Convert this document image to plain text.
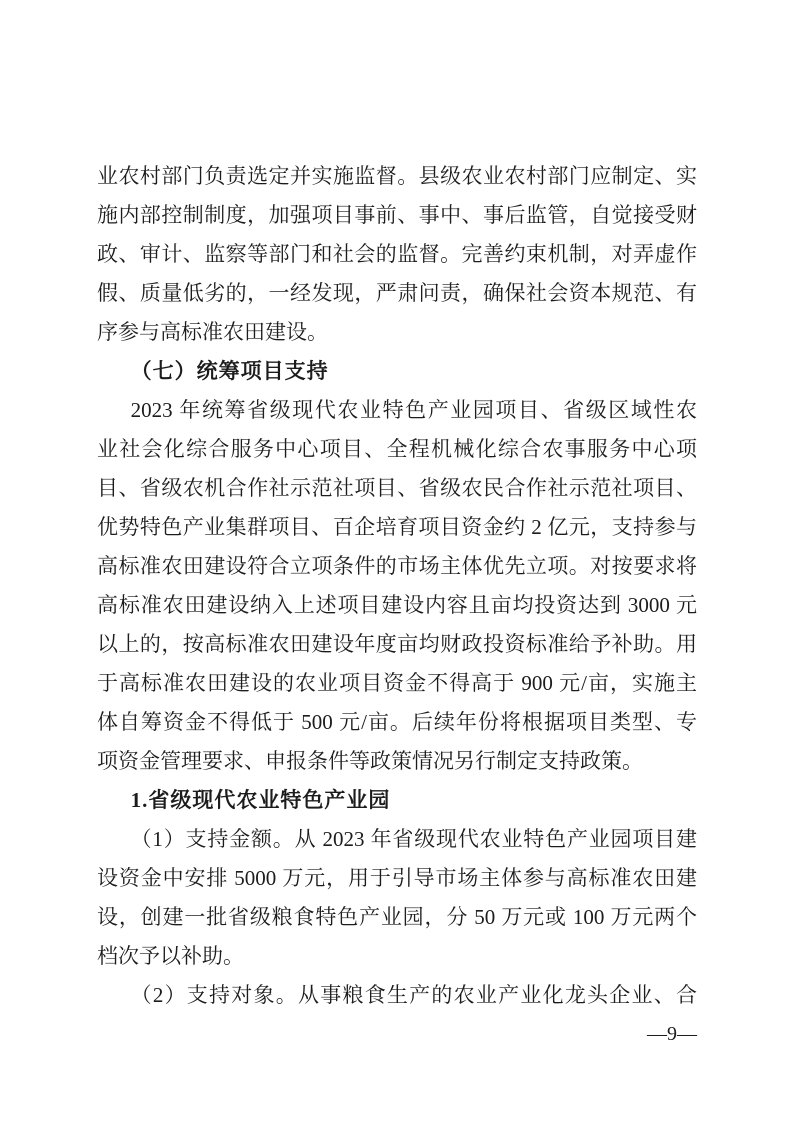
业农村部门负责选定并实施监督。县级农业农村部门应制定、实
施内部控制制度，加强项目事前、事中、事后监管，自觉接受财
政、审计、监察等部门和社会的监督。完善约束机制，对弄虚作
假、质量低劣的，一经发现，严肃问责，确保社会资本规范、有
序参与高标准农田建设。
（七）统筹项目支持
2023 年统筹省级现代农业特色产业园项目、省级区域性农
业社会化综合服务中心项目、全程机械化综合农事服务中心项
目、省级农机合作社示范社项目、省级农民合作社示范社项目、
优势特色产业集群项目、百企培育项目资金约 2 亿元，支持参与
高标准农田建设符合立项条件的市场主体优先立项。对按要求将
高标准农田建设纳入上述项目建设内容且亩均投资达到 3000 元
以上的，按高标准农田建设年度亩均财政投资标准给予补助。用
于高标准农田建设的农业项目资金不得高于 900 元/亩，实施主
体自筹资金不得低于 500 元/亩。后续年份将根据项目类型、专
项资金管理要求、申报条件等政策情况另行制定支持政策。
1.省级现代农业特色产业园
（1）支持金额。从 2023 年省级现代农业特色产业园项目建
设资金中安排 5000 万元，用于引导市场主体参与高标准农田建
设，创建一批省级粮食特色产业园，分 50 万元或 100 万元两个
档次予以补助。
（2）支持对象。从事粮食生产的农业产业化龙头企业、合
—9—
